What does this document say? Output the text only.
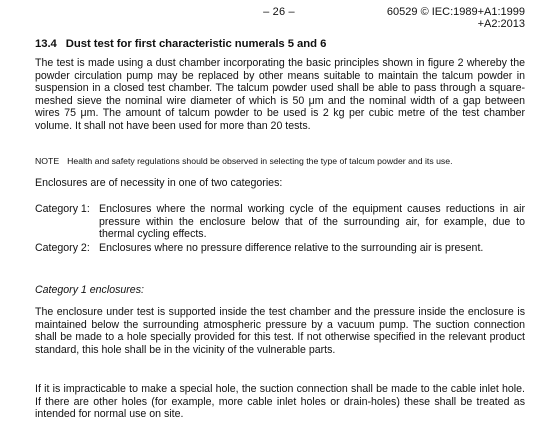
– 26 –	60529 © IEC:1989+A1:1999
+A2:2013
13.4 Dust test for first characteristic numerals 5 and 6

The test is made using a dust chamber incorporating the basic principles shown in figure 2 whereby the powder circulation pump may be replaced by other means suitable to maintain the talcum powder in suspension in a closed test chamber. The talcum powder used shall be able to pass through a square-meshed sieve the nominal wire diameter of which is 50 μm and the nominal width of a gap between wires 75 μm. The amount of talcum powder to be used is 2 kg per cubic metre of the test chamber volume. It shall not have been used for more than 20 tests.

NOTE Health and safety regulations should be observed in selecting the type of talcum powder and its use.

Enclosures are of necessity in one of two categories:

Category 1: Enclosures where the normal working cycle of the equipment causes reductions in air pressure within the enclosure below that of the surrounding air, for example, due to thermal cycling effects.
Category 2: Enclosures where no pressure difference relative to the surrounding air is present.

Category 1 enclosures:

The enclosure under test is supported inside the test chamber and the pressure inside the enclosure is maintained below the surrounding atmospheric pressure by a vacuum pump. The suction connection shall be made to a hole specially provided for this test. If not otherwise specified in the relevant product standard, this hole shall be in the vicinity of the vulnerable parts.

If it is impracticable to make a special hole, the suction connection shall be made to the cable inlet hole. If there are other holes (for example, more cable inlet holes or drain-holes) these shall be treated as intended for normal use on site.
